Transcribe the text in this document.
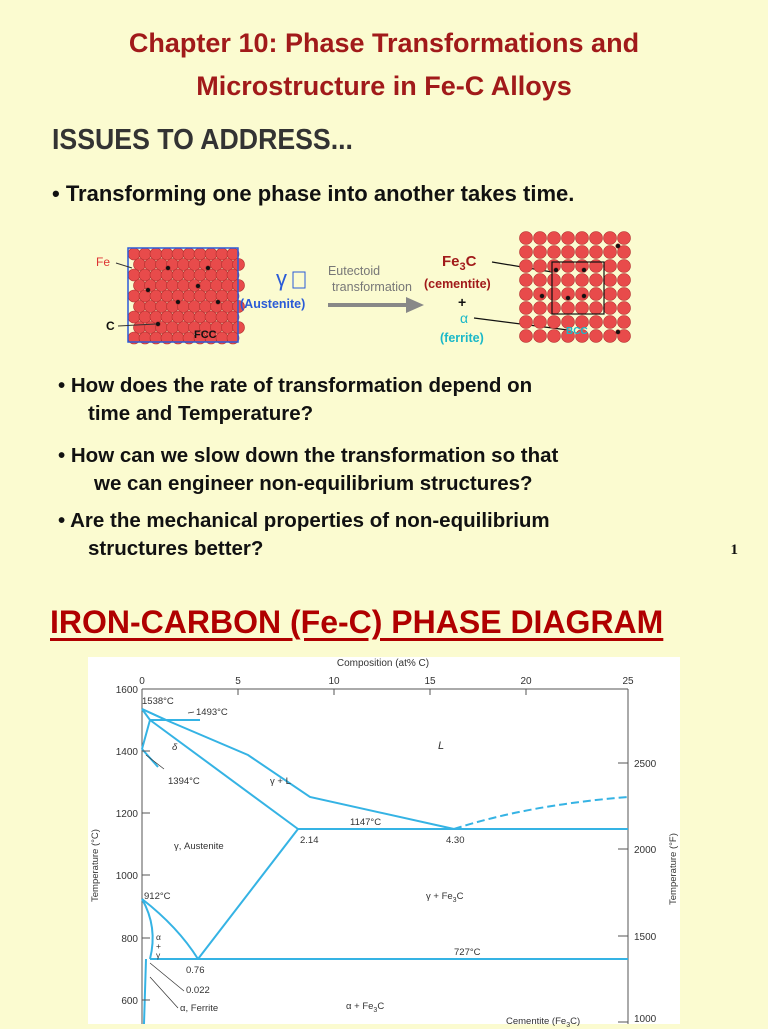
Chapter 10: Phase Transformations and
Microstructure in Fe-C Alloys
ISSUES TO ADDRESS...
• Transforming one phase into another takes time.
Fe
C
FCC
γ
(Austenite)
Eutectoid
transformation
$Fe_3C$
(cementite)
+
α
(ferrite)	BCC
• How does the rate of transformation depend on
time and Temperature?
• How can we slow down the transformation so that
we can engineer non-equilibrium structures?
• Are the mechanical properties of non-equilibrium
structures better?	1
IRON-CARBON (Fe-C) PHASE DIAGRAM
Composition (at% C)
0	5	10	15	20	25
1600
1400
1200
1000
800
600
2500
2000
1500
1000
Temperature (°C)	Temperature (°F)
1538°C
1493°C
δ
1394°C
L
γ + L
1147°C
2.14	4.30
γ, Austenite
912°C	$\gamma + Fe_3C$
α
+
γ	727°C
0.76
0.022
α, Ferrite	$\alpha + Fe_3C$
Cementite $(Fe_3C)$
